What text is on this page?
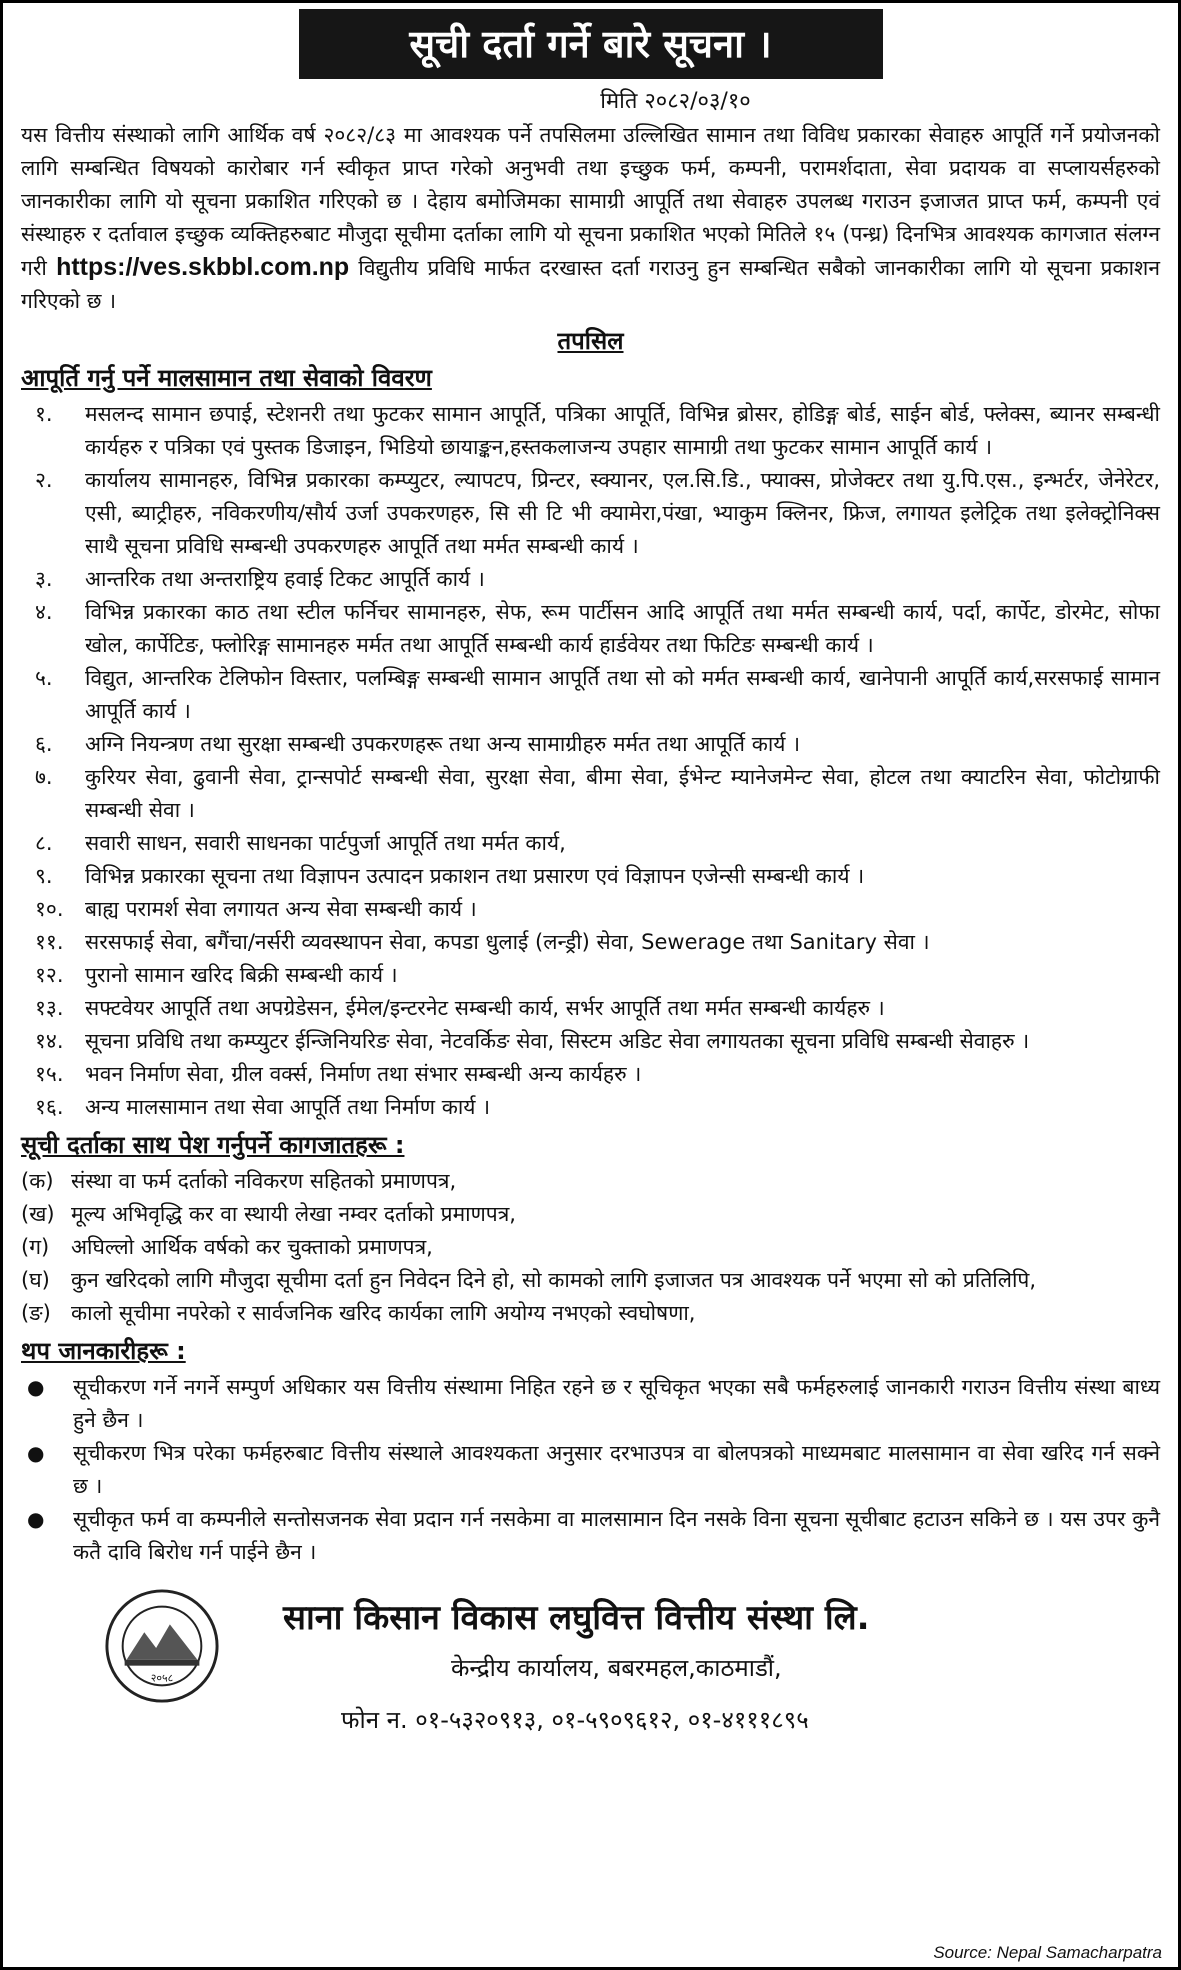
सूची दर्ता गर्ने बारे सूचना ।
मिति २०८२/०३/१०

यस वित्तीय संस्थाको लागि आर्थिक वर्ष २०८२/८३ मा आवश्यक पर्ने तपसिलमा उल्लिखित सामान तथा विविध प्रकारका सेवाहरु आपूर्ति गर्ने प्रयोजनको लागि सम्बन्धित विषयको कारोबार गर्न स्वीकृत प्राप्त गरेको अनुभवी तथा इच्छुक फर्म, कम्पनी, परामर्शदाता, सेवा प्रदायक वा सप्लायर्सहरुको जानकारीका लागि यो सूचना प्रकाशित गरिएको छ । देहाय बमोजिमका सामाग्री आपूर्ति तथा सेवाहरु उपलब्ध गराउन इजाजत प्राप्त फर्म, कम्पनी एवं संस्थाहरु र दर्तावाल इच्छुक व्यक्तिहरुबाट मौजुदा सूचीमा दर्ताका लागि यो सूचना प्रकाशित भएको मितिले १५ (पन्ध्र) दिनभित्र आवश्यक कागजात संलग्न गरी https://ves.skbbl.com.np विद्युतीय प्रविधि मार्फत दरखास्त दर्ता गराउनु हुन सम्बन्धित सबैको जानकारीका लागि यो सूचना प्रकाशन गरिएको छ ।

तपसिल
आपूर्ति गर्नु पर्ने मालसामान तथा सेवाको विवरण
१.	मसलन्द सामान छपाई, स्टेशनरी तथा फुटकर सामान आपूर्ति, पत्रिका आपूर्ति, विभिन्न ब्रोसर, होडिङ्ग बोर्ड, साईन बोर्ड, फ्लेक्स, ब्यानर सम्बन्धी कार्यहरु र पत्रिका एवं पुस्तक डिजाइन, भिडियो छायाङ्कन,हस्तकलाजन्य उपहार सामाग्री तथा फुटकर सामान आपूर्ति कार्य ।
२.	कार्यालय सामानहरु, विभिन्न प्रकारका कम्प्युटर, ल्यापटप, प्रिन्टर, स्क्यानर, एल.सि.डि., फ्याक्स, प्रोजेक्टर तथा यु.पि.एस., इन्भर्टर, जेनेरेटर, एसी, ब्याट्रीहरु, नविकरणीय/सौर्य उर्जा उपकरणहरु, सि सी टि भी क्यामेरा,पंखा, भ्याकुम क्लिनर, फ्रिज, लगायत इलेट्रिक तथा इलेक्ट्रोनिक्स साथै सूचना प्रविधि सम्बन्धी उपकरणहरु आपूर्ति तथा मर्मत सम्बन्धी कार्य ।
३.	आन्तरिक तथा अन्तराष्ट्रिय हवाई टिकट आपूर्ति कार्य ।
४.	विभिन्न प्रकारका काठ तथा स्टील फर्निचर सामानहरु, सेफ, रूम पार्टीसन आदि आपूर्ति तथा मर्मत सम्बन्धी कार्य, पर्दा, कार्पेट, डोरमेट, सोफा खोल, कार्पेटिङ, फ्लोरिङ्ग सामानहरु मर्मत तथा आपूर्ति सम्बन्धी कार्य हार्डवेयर तथा फिटिङ सम्बन्धी कार्य ।
५.	विद्युत, आन्तरिक टेलिफोन विस्तार, पलम्बिङ्ग सम्बन्धी सामान आपूर्ति तथा सो को मर्मत सम्बन्धी कार्य, खानेपानी आपूर्ति कार्य,सरसफाई सामान आपूर्ति कार्य ।
६.	अग्नि नियन्त्रण तथा सुरक्षा सम्बन्धी उपकरणहरू तथा अन्य सामाग्रीहरु मर्मत तथा आपूर्ति कार्य ।
७.	कुरियर सेवा, ढुवानी सेवा, ट्रान्सपोर्ट सम्बन्धी सेवा, सुरक्षा सेवा, बीमा सेवा, ईभेन्ट म्यानेजमेन्ट सेवा, होटल तथा क्याटरिन सेवा, फोटोग्राफी सम्बन्धी सेवा ।
८.	सवारी साधन, सवारी साधनका पार्टपुर्जा आपूर्ति तथा मर्मत कार्य,
९.	विभिन्न प्रकारका सूचना तथा विज्ञापन उत्पादन प्रकाशन तथा प्रसारण एवं विज्ञापन एजेन्सी सम्बन्धी कार्य ।
१०.	बाह्य परामर्श सेवा लगायत अन्य सेवा सम्बन्धी कार्य ।
११.	सरसफाई सेवा, बगैंचा/नर्सरी व्यवस्थापन सेवा, कपडा धुलाई (लन्ड्री) सेवा, Sewerage तथा Sanitary सेवा ।
१२.	पुरानो सामान खरिद बिक्री सम्बन्धी कार्य ।
१३.	सफ्टवेयर आपूर्ति तथा अपग्रेडेसन, ईमेल/इन्टरनेट सम्बन्धी कार्य, सर्भर आपूर्ति तथा मर्मत सम्बन्धी कार्यहरु ।
१४.	सूचना प्रविधि तथा कम्प्युटर ईन्जिनियरिङ सेवा, नेटवर्किङ सेवा, सिस्टम अडिट सेवा लगायतका सूचना प्रविधि सम्बन्धी सेवाहरु ।
१५.	भवन निर्माण सेवा, ग्रील वर्क्स, निर्माण तथा संभार सम्बन्धी अन्य कार्यहरु ।
१६.	अन्य मालसामान तथा सेवा आपूर्ति तथा निर्माण कार्य ।
सूची दर्ताका साथ पेश गर्नुपर्ने कागजातहरू :
(क) संस्था वा फर्म दर्ताको नविकरण सहितको प्रमाणपत्र,
(ख) मूल्य अभिवृद्धि कर वा स्थायी लेखा नम्वर दर्ताको प्रमाणपत्र,
(ग)	अघिल्लो आर्थिक वर्षको कर चुक्ताको प्रमाणपत्र,
(घ)	कुन खरिदको लागि मौजुदा सूचीमा दर्ता हुन निवेदन दिने हो, सो कामको लागि इजाजत पत्र आवश्यक पर्ने भएमा सो को प्रतिलिपि,
(ङ) कालो सूचीमा नपरेको र सार्वजनिक खरिद कार्यका लागि अयोग्य नभएको स्वघोषणा,
थप जानकारीहरू :
●	सूचीकरण गर्ने नगर्ने सम्पुर्ण अधिकार यस वित्तीय संस्थामा निहित रहने छ र सूचिकृत भएका सबै फर्महरुलाई जानकारी गराउन वित्तीय संस्था बाध्य हुने छैन ।
●	सूचीकरण भित्र परेका फर्महरुबाट वित्तीय संस्थाले आवश्यकता अनुसार दरभाउपत्र वा बोलपत्रको माध्यमबाट मालसामान वा सेवा खरिद गर्न सक्ने छ ।
●	सूचीकृत फर्म वा कम्पनीले सन्तोसजनक सेवा प्रदान गर्न नसकेमा वा मालसामान दिन नसके विना सूचना सूचीबाट हटाउन सकिने छ । यस उपर कुनै कतै दावि बिरोध गर्न पाईने छैन ।
२०५८
साना किसान विकास लघुवित्त वित्तीय संस्था लि.
केन्द्रीय कार्यालय, बबरमहल,काठमाडौं,
फोन न. ०१-५३२०९१३, ०१-५९०९६१२, ०१-४१११८९५
Source: Nepal Samacharpatra
